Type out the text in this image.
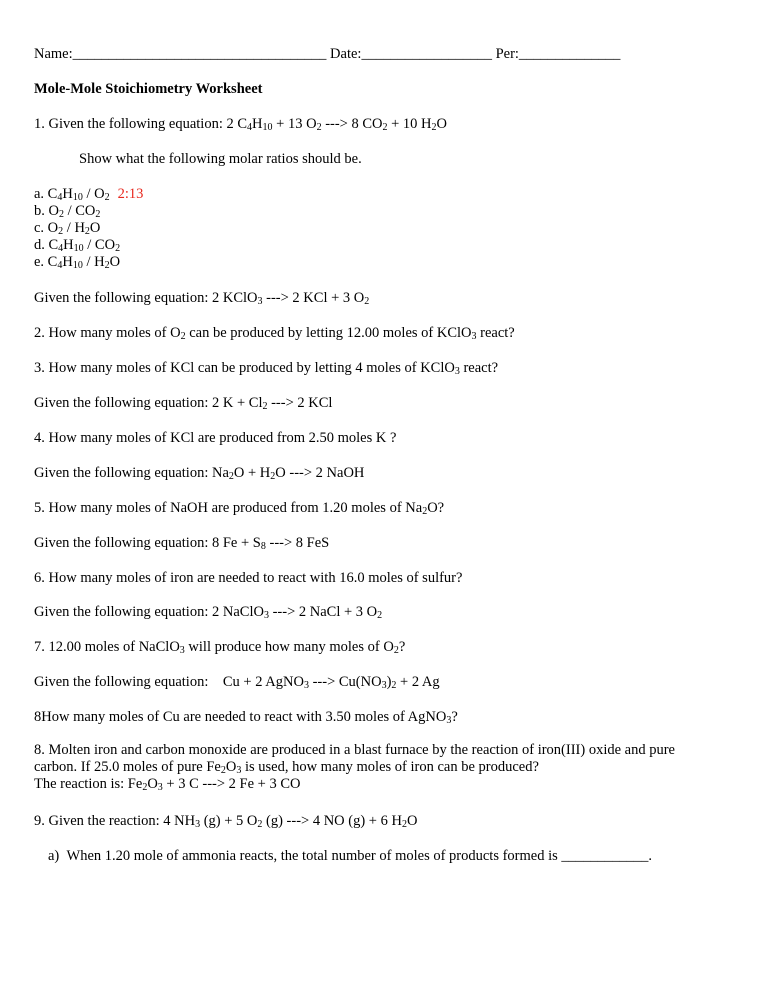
Name:___________________________________ Date:__________________ Per:______________
Mole-Mole Stoichiometry Worksheet
1. Given the following equation: 2 $C_4H_{10} + 13$ $O_2$ ---> 8 $CO_2 + 10$ $H_2O$
Show what the following molar ratios should be.
a. $C_4H_{10} / O_2$ 2:13
b. $O_2 / CO_2$
c. $O_2 / H_2O$
d. $C_4H_{10} / CO_2$
e. $C_4H_{10} / H_2O$
Given the following equation: 2 KClO$_3$ ---> 2 KCl + 3 $O_2$
2. How many moles of $O_2$ can be produced by letting 12.00 moles of KClO$_3$ react?
3. How many moles of KCl can be produced by letting 4 moles of KClO$_3$ react?
Given the following equation: 2 $K + Cl_2$ ---> 2 KCl
4. How many moles of KCl are produced from 2.50 moles K ?
Given the following equation: $Na_2O + H_2O$ ---> 2 NaOH
5. How many moles of NaOH are produced from 1.20 moles of $Na_2O$?
Given the following equation: 8 $Fe + S_8$ ---> 8 FeS
6. How many moles of iron are needed to react with 16.0 moles of sulfur?
Given the following equation: 2 NaClO$_3$ ---> 2 NaCl + 3 $O_2$
7. 12.00 moles of NaClO$_3$ will produce how many moles of $O_2$?
Given the following equation:    Cu + 2 AgNO$_3$ ---> $Cu(NO_3)_2 + 2$ Ag
8How many moles of Cu are needed to react with 3.50 moles of AgNO$_3$?
8. Molten iron and carbon monoxide are produced in a blast furnace by the reaction of iron(III) oxide and pure carbon. If 25.0 moles of pure $Fe_2O_3$ is used, how many moles of iron can be produced?
The reaction is: $Fe_2O_3 + 3$ C ---> 2 Fe + 3 CO
9. Given the reaction: 4 $NH_3$ (g) + 5 $O_2$ (g) ---> 4 NO (g) + 6 $H_2O$
a)  When 1.20 mole of ammonia reacts, the total number of moles of products formed is ____________.
